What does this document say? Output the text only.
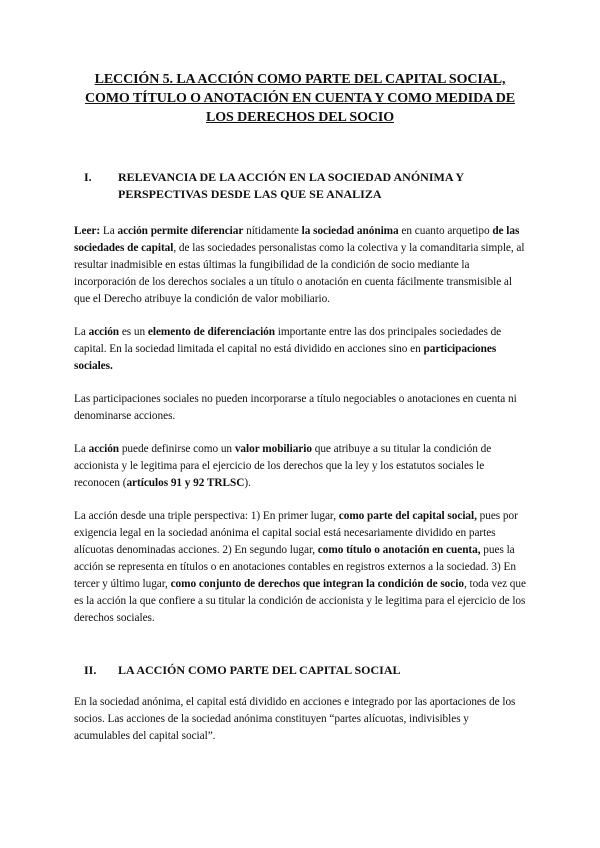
LECCIÓN 5. LA ACCIÓN COMO PARTE DEL CAPITAL SOCIAL,
COMO TÍTULO O ANOTACIÓN EN CUENTA Y COMO MEDIDA DE
LOS DERECHOS DEL SOCIO
I.	RELEVANCIA DE LA ACCIÓN EN LA SOCIEDAD ANÓNIMA Y
PERSPECTIVAS DESDE LAS QUE SE ANALIZA

Leer: La acción permite diferenciar nítidamente la sociedad anónima en cuanto arquetipo de las sociedades de capital, de las sociedades personalistas como la colectiva y la comanditaria simple, al resultar inadmisible en estas últimas la fungibilidad de la condición de socio mediante la incorporación de los derechos sociales a un título o anotación en cuenta fácilmente transmisible al que el Derecho atribuye la condición de valor mobiliario.

La acción es un elemento de diferenciación importante entre las dos principales sociedades de capital. En la sociedad limitada el capital no está dividido en acciones sino en participaciones sociales.

Las participaciones sociales no pueden incorporarse a título negociables o anotaciones en cuenta ni denominarse acciones.

La acción puede definirse como un valor mobiliario que atribuye a su titular la condición de accionista y le legitima para el ejercicio de los derechos que la ley y los estatutos sociales le reconocen (artículos 91 y 92 TRLSC).

La acción desde una triple perspectiva: 1) En primer lugar, como parte del capital social, pues por exigencia legal en la sociedad anónima el capital social está necesariamente dividido en partes alícuotas denominadas acciones. 2) En segundo lugar, como título o anotación en cuenta, pues la acción se representa en títulos o en anotaciones contables en registros externos a la sociedad. 3) En tercer y último lugar, como conjunto de derechos que integran la condición de socio, toda vez que es la acción la que confiere a su titular la condición de accionista y le legitima para el ejercicio de los derechos sociales.

II.	LA ACCIÓN COMO PARTE DEL CAPITAL SOCIAL

En la sociedad anónima, el capital está dividido en acciones e integrado por las aportaciones de los socios. Las acciones de la sociedad anónima constituyen “partes alícuotas, indivisibles y acumulables del capital social”.
